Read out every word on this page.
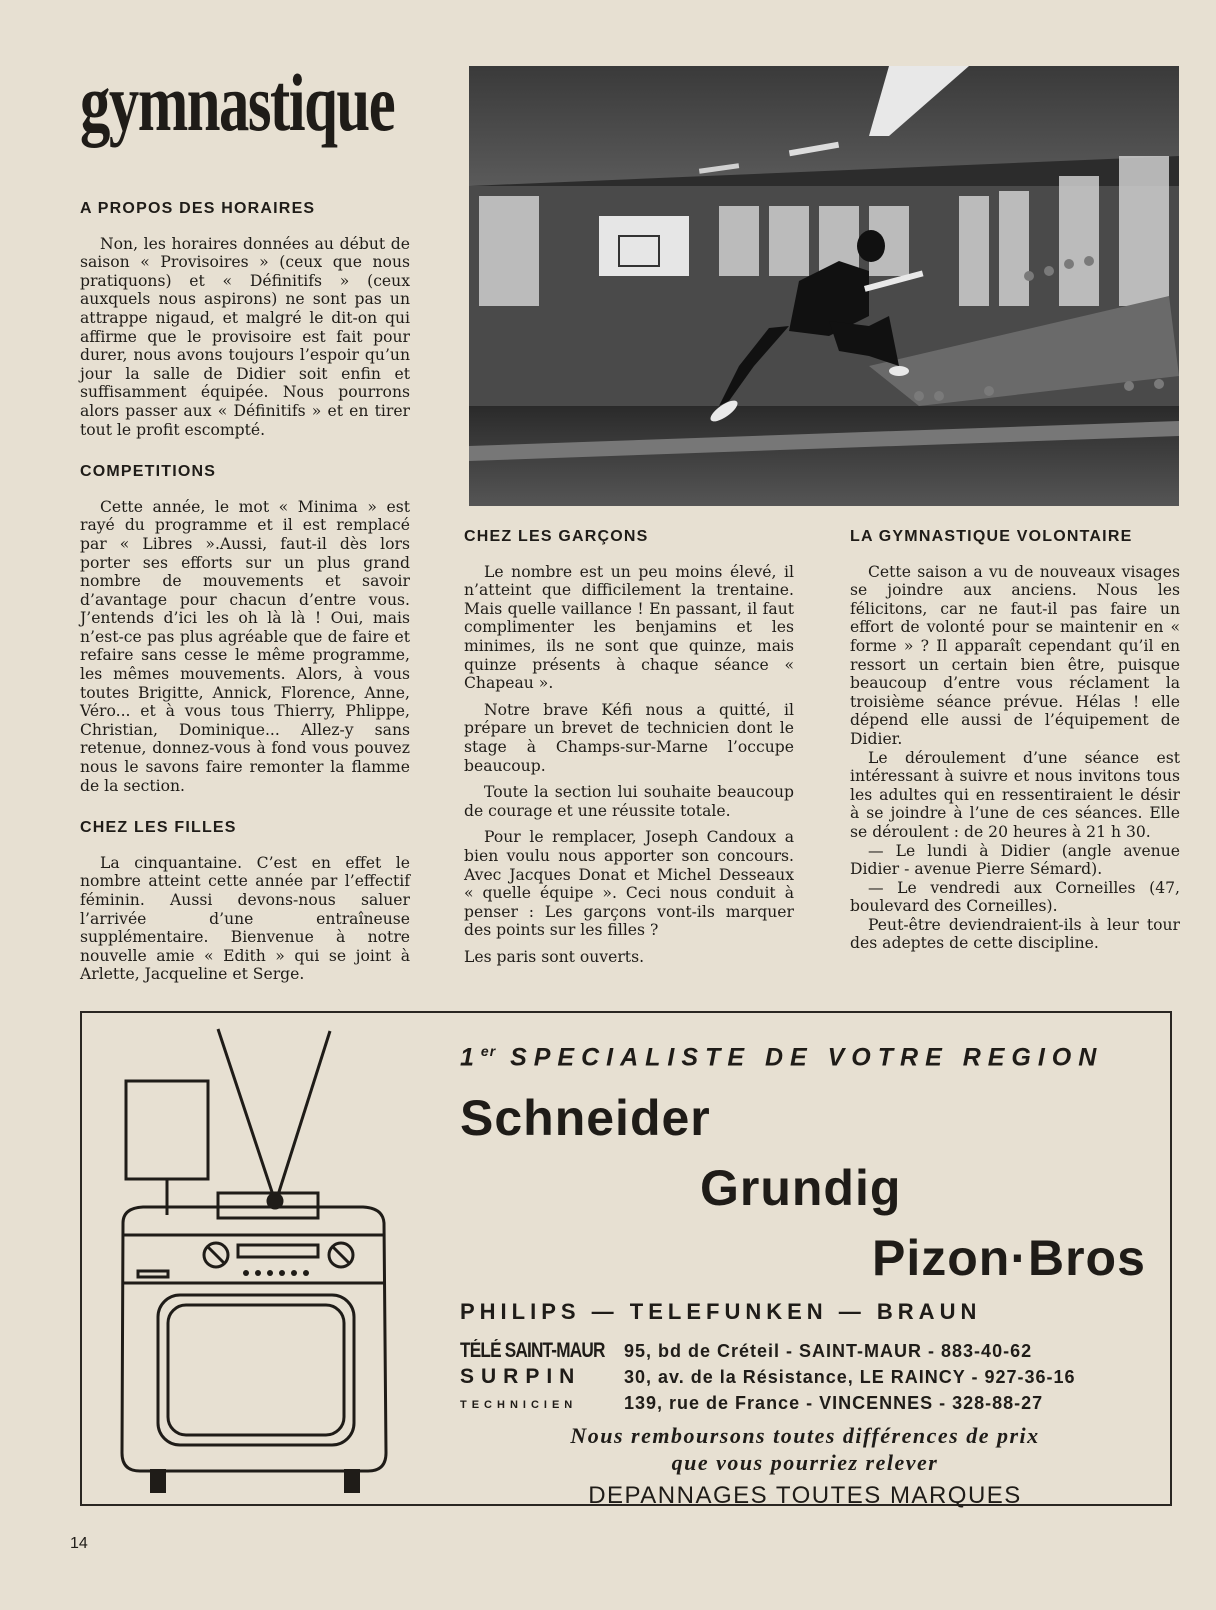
gymnastique
A PROPOS DES HORAIRES

Non, les horaires données au début de saison « Provisoires » (ceux que nous pratiquons) et « Définitifs » (ceux auxquels nous aspirons) ne sont pas un attrappe nigaud, et malgré le dit-on qui affirme que le provisoire est fait pour durer, nous avons toujours l’espoir qu’un jour la salle de Didier soit enfin et suffisamment équipée. Nous pourrons alors passer aux « Définitifs » et en tirer tout le profit escompté.

COMPETITIONS

Cette année, le mot « Minima » est rayé du programme et il est remplacé par « Libres ».Aussi, faut-il dès lors porter ses efforts sur un plus grand nombre de mouvements et savoir d’avantage pour chacun d’entre vous. J’entends d’ici les oh là là ! Oui, mais n’est-ce pas plus agréable que de faire et refaire sans cesse le même programme, les mêmes mouvements. Alors, à vous toutes Brigitte, Annick, Florence, Anne, Véro... et à vous tous Thierry, Phlippe, Christian, Dominique... Allez-y sans retenue, donnez-vous à fond vous pouvez nous le savons faire remonter la flamme de la section.

CHEZ LES FILLES

La cinquantaine. C’est en effet le nombre atteint cette année par l’effectif féminin. Aussi devons-nous saluer l’arrivée d’une entraîneuse supplémentaire. Bienvenue à notre nouvelle amie « Edith » qui se joint à Arlette, Jacqueline et Serge.

CHEZ LES GARÇONS

Le nombre est un peu moins élevé, il n’atteint que difficilement la trentaine. Mais quelle vaillance ! En passant, il faut complimenter les benjamins et les minimes, ils ne sont que quinze, mais quinze présents à chaque séance « Chapeau ».

Notre brave Kéfi nous a quitté, il prépare un brevet de technicien dont le stage à Champs-sur-Marne l’occupe beaucoup.

Toute la section lui souhaite beaucoup de courage et une réussite totale.

Pour le remplacer, Joseph Candoux a bien voulu nous apporter son concours. Avec Jacques Donat et Michel Desseaux « quelle équipe ». Ceci nous conduit à penser : Les garçons vont-ils marquer des points sur les filles ?

Les paris sont ouverts.

LA GYMNASTIQUE VOLONTAIRE

Cette saison a vu de nouveaux visages se joindre aux anciens. Nous les félicitons, car ne faut-il pas faire un effort de volonté pour se maintenir en « forme » ? Il apparaît cependant qu’il en ressort un certain bien être, puisque beaucoup d’entre vous réclament la troisième séance prévue. Hélas ! elle dépend elle aussi de l’équipement de Didier.

Le déroulement d’une séance est intéressant à suivre et nous invitons tous les adultes qui en ressentiraient le désir à se joindre à l’une de ces séances. Elle se déroulent : de 20 heures à 21 h 30.

— Le lundi à Didier (angle avenue Didier - avenue Pierre Sémard).

— Le vendredi aux Corneilles (47, boulevard des Corneilles).

Peut-être deviendraient-ils à leur tour des adeptes de cette discipline.

1er SPECIALISTE DE VOTRE REGION
Schneider
Grundig
Pizon·Bros
PHILIPS — TELEFUNKEN — BRAUN
TÉLÉ SAINT-MAUR 95, bd de Créteil - SAINT-MAUR - 883-40-62
SURPIN	30, av. de la Résistance, LE RAINCY - 927-36-16
TECHNICIEN	139, rue de France - VINCENNES - 328-88-27
Nous remboursons toutes différences de prix
que vous pourriez relever
DEPANNAGES TOUTES MARQUES
14
